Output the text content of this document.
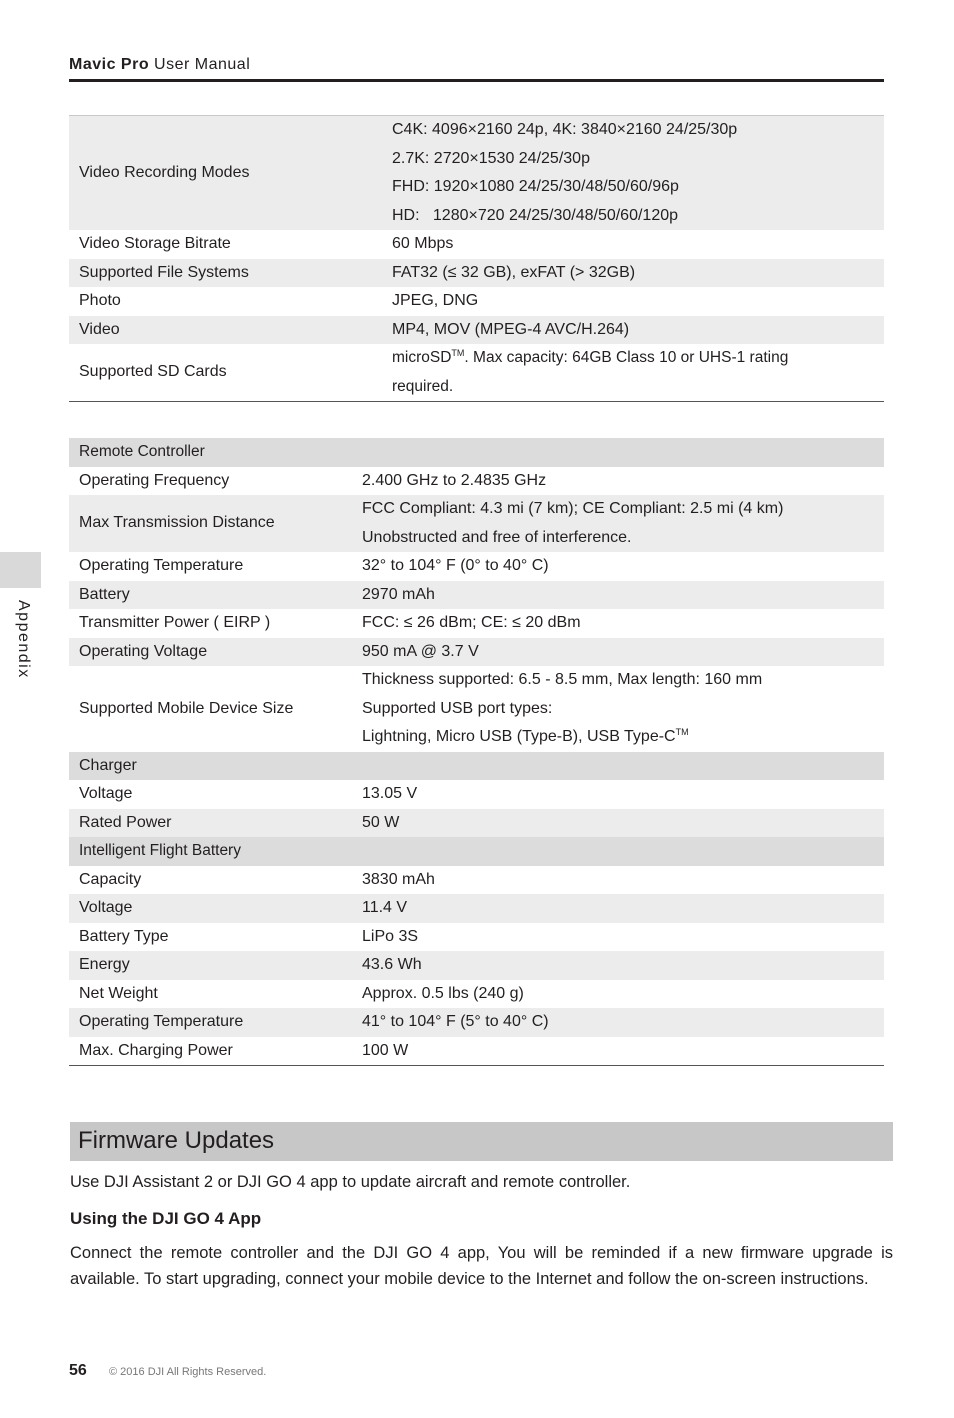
Mavic Pro User Manual
Video Recording Modes	C4K: 4096×2160 24p, 4K: 3840×2160 24/25/30p
2.7K: 2720×1530 24/25/30p
FHD: 1920×1080 24/25/30/48/50/60/96p
HD:   1280×720 24/25/30/48/50/60/120p

Video Storage Bitrate	60 Mbps
Supported File Systems	FAT32 (≤ 32 GB), exFAT (> 32GB)
Photo	JPEG, DNG
Video	MP4, MOV (MPEG-4 AVC/H.264)
Supported SD Cards	microSD™. Max capacity: 64GB Class 10 or UHS-1 rating
required.
Remote Controller	
Operating Frequency	2.400 GHz to 2.4835 GHz
Max Transmission Distance	FCC Compliant: 4.3 mi (7 km); CE Compliant: 2.5 mi (4 km)
Unobstructed and free of interference.

Operating Temperature	32° to 104° F (0° to 40° C)
Battery	2970 mAh
Transmitter Power ( EIRP )	FCC: ≤ 26 dBm; CE: ≤ 20 dBm
Operating Voltage	950 mA @ 3.7 V
Supported Mobile Device Size	Thickness supported: 6.5 - 8.5 mm, Max length: 160 mm
Supported USB port types:
Lightning, Micro USB (Type-B), USB Type-C™

Charger	
Voltage	13.05 V
Rated Power	50 W
Intelligent Flight Battery	
Capacity	3830 mAh
Voltage	11.4 V
Battery Type	LiPo 3S
Energy	43.6 Wh
Net Weight	Approx. 0.5 lbs (240 g)
Operating Temperature	41° to 104° F (5° to 40° C)
Max. Charging Power	100 W
Appendix
Firmware Updates

Use DJI Assistant 2 or DJI GO 4 app to update aircraft and remote controller.

Using the DJI GO 4 App

Connect the remote controller and the DJI GO 4 app, You will be reminded if a new firmware upgrade is available. To start upgrading, connect your mobile device to the Internet and follow the on-screen instructions.

56 © 2016 DJI All Rights Reserved.
